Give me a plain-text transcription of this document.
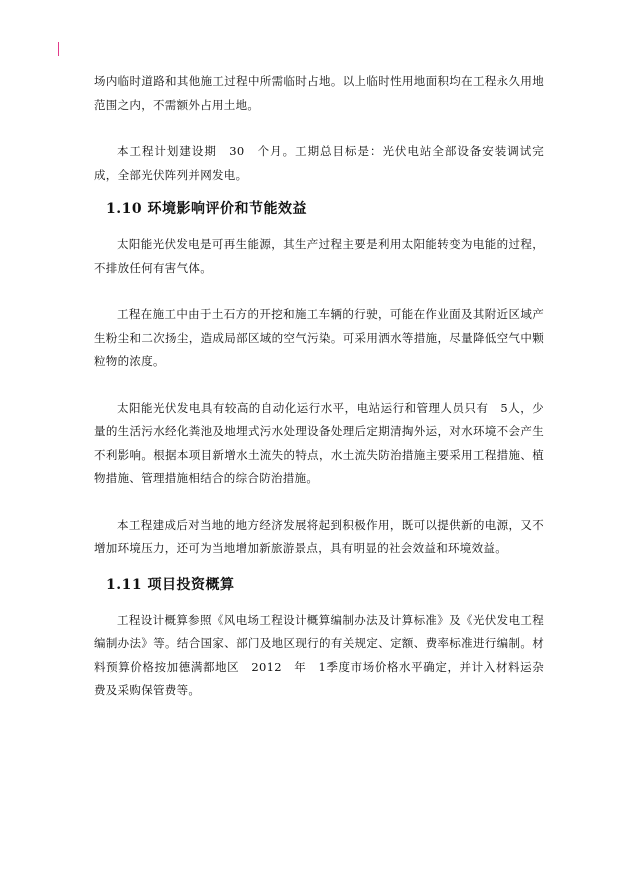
场内临时道路和其他施工过程中所需临时占地。以上临时性用地面积均在工程永久用地范围之内，不需额外占用土地。

本工程计划建设期　30　个月。工期总目标是：光伏电站全部设备安装调试完成，全部光伏阵列并网发电。

1.10 环境影响评价和节能效益

太阳能光伏发电是可再生能源，其生产过程主要是利用太阳能转变为电能的过程，不排放任何有害气体。

工程在施工中由于土石方的开挖和施工车辆的行驶，可能在作业面及其附近区域产生粉尘和二次扬尘，造成局部区域的空气污染。可采用洒水等措施，尽量降低空气中颗粒物的浓度。

太阳能光伏发电具有较高的自动化运行水平，电站运行和管理人员只有　5人，少量的生活污水经化粪池及地埋式污水处理设备处理后定期清掏外运，对水环境不会产生不利影响。根据本项目新增水土流失的特点，水土流失防治措施主要采用工程措施、植物措施、管理措施相结合的综合防治措施。

本工程建成后对当地的地方经济发展将起到积极作用，既可以提供新的电源，又不增加环境压力，还可为当地增加新旅游景点，具有明显的社会效益和环境效益。

1.11 项目投资概算

工程设计概算参照《风电场工程设计概算编制办法及计算标准》及《光伏发电工程编制办法》等。结合国家、部门及地区现行的有关规定、定额、费率标准进行编制。材料预算价格按加德满都地区　2012　年　1季度市场价格水平确定，并计入材料运杂费及采购保管费等。
